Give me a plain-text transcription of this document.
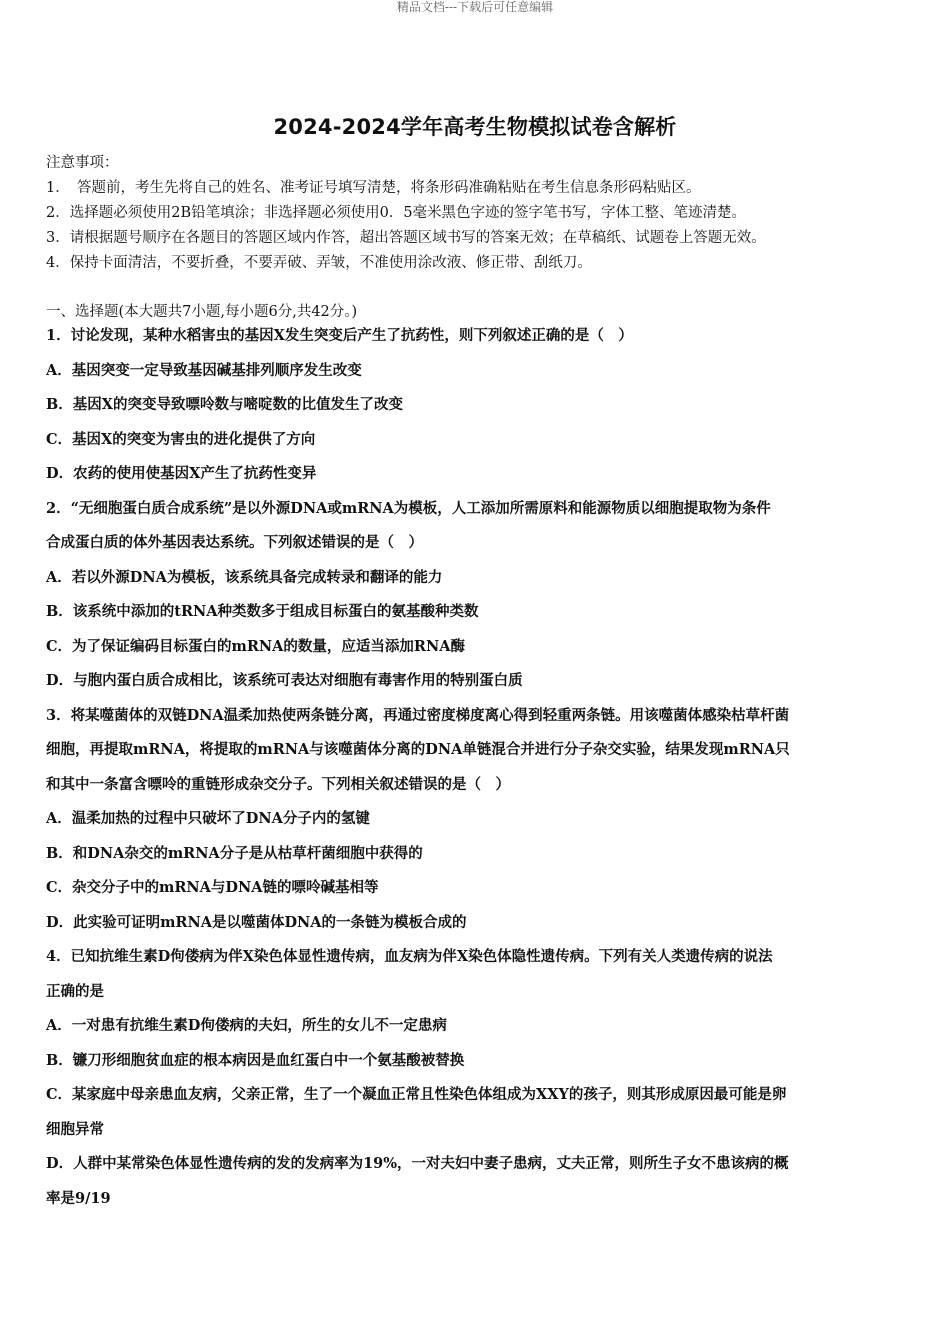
精品文档---下载后可任意编辑
2024-2024学年高考生物模拟试卷含解析
注意事项：
1．　答题前，考生先将自己的姓名、准考证号填写清楚，将条形码准确粘贴在考生信息条形码粘贴区。
2．选择题必须使用2B铅笔填涂；非选择题必须使用0．5毫米黑色字迹的签字笔书写，字体工整、笔迹清楚。
3．请根据题号顺序在各题目的答题区域内作答，超出答题区域书写的答案无效；在草稿纸、试题卷上答题无效。
4．保持卡面清洁，不要折叠，不要弄破、弄皱，不准使用涂改液、修正带、刮纸刀。
一、选择题(本大题共7小题,每小题6分,共42分。)
1．讨论发现，某种水稻害虫的基因X发生突变后产生了抗药性，则下列叙述正确的是（　）
A．基因突变一定导致基因碱基排列顺序发生改变
B．基因X的突变导致嘌呤数与嘧啶数的比值发生了改变
C．基因X的突变为害虫的进化提供了方向
D．农药的使用使基因X产生了抗药性变异
2．“无细胞蛋白质合成系统”是以外源DNA或mRNA为模板，人工添加所需原料和能源物质以细胞提取物为条件
合成蛋白质的体外基因表达系统。下列叙述错误的是（　）
A．若以外源DNA为模板，该系统具备完成转录和翻译的能力
B．该系统中添加的tRNA种类数多于组成目标蛋白的氨基酸种类数
C．为了保证编码目标蛋白的mRNA的数量，应适当添加RNA酶
D．与胞内蛋白质合成相比，该系统可表达对细胞有毒害作用的特别蛋白质
3．将某噬菌体的双链DNA温柔加热使两条链分离，再通过密度梯度离心得到轻重两条链。用该噬菌体感染枯草杆菌
细胞，再提取mRNA，将提取的mRNA与该噬菌体分离的DNA单链混合并进行分子杂交实验，结果发现mRNA只
和其中一条富含嘌呤的重链形成杂交分子。下列相关叙述错误的是（　）
A．温柔加热的过程中只破坏了DNA分子内的氢键
B．和DNA杂交的mRNA分子是从枯草杆菌细胞中获得的
C．杂交分子中的mRNA与DNA链的嘌呤碱基相等
D．此实验可证明mRNA是以噬菌体DNA的一条链为模板合成的
4．已知抗维生素D佝偻病为伴X染色体显性遗传病，血友病为伴X染色体隐性遗传病。下列有关人类遗传病的说法
正确的是
A．一对患有抗维生素D佝偻病的夫妇，所生的女儿不一定患病
B．镰刀形细胞贫血症的根本病因是血红蛋白中一个氨基酸被替换
C．某家庭中母亲患血友病，父亲正常，生了一个凝血正常且性染色体组成为XXY的孩子，则其形成原因最可能是卵
细胞异常
D．人群中某常染色体显性遗传病的发的发病率为19%，一对夫妇中妻子患病，丈夫正常，则所生子女不患该病的概
率是9/19
